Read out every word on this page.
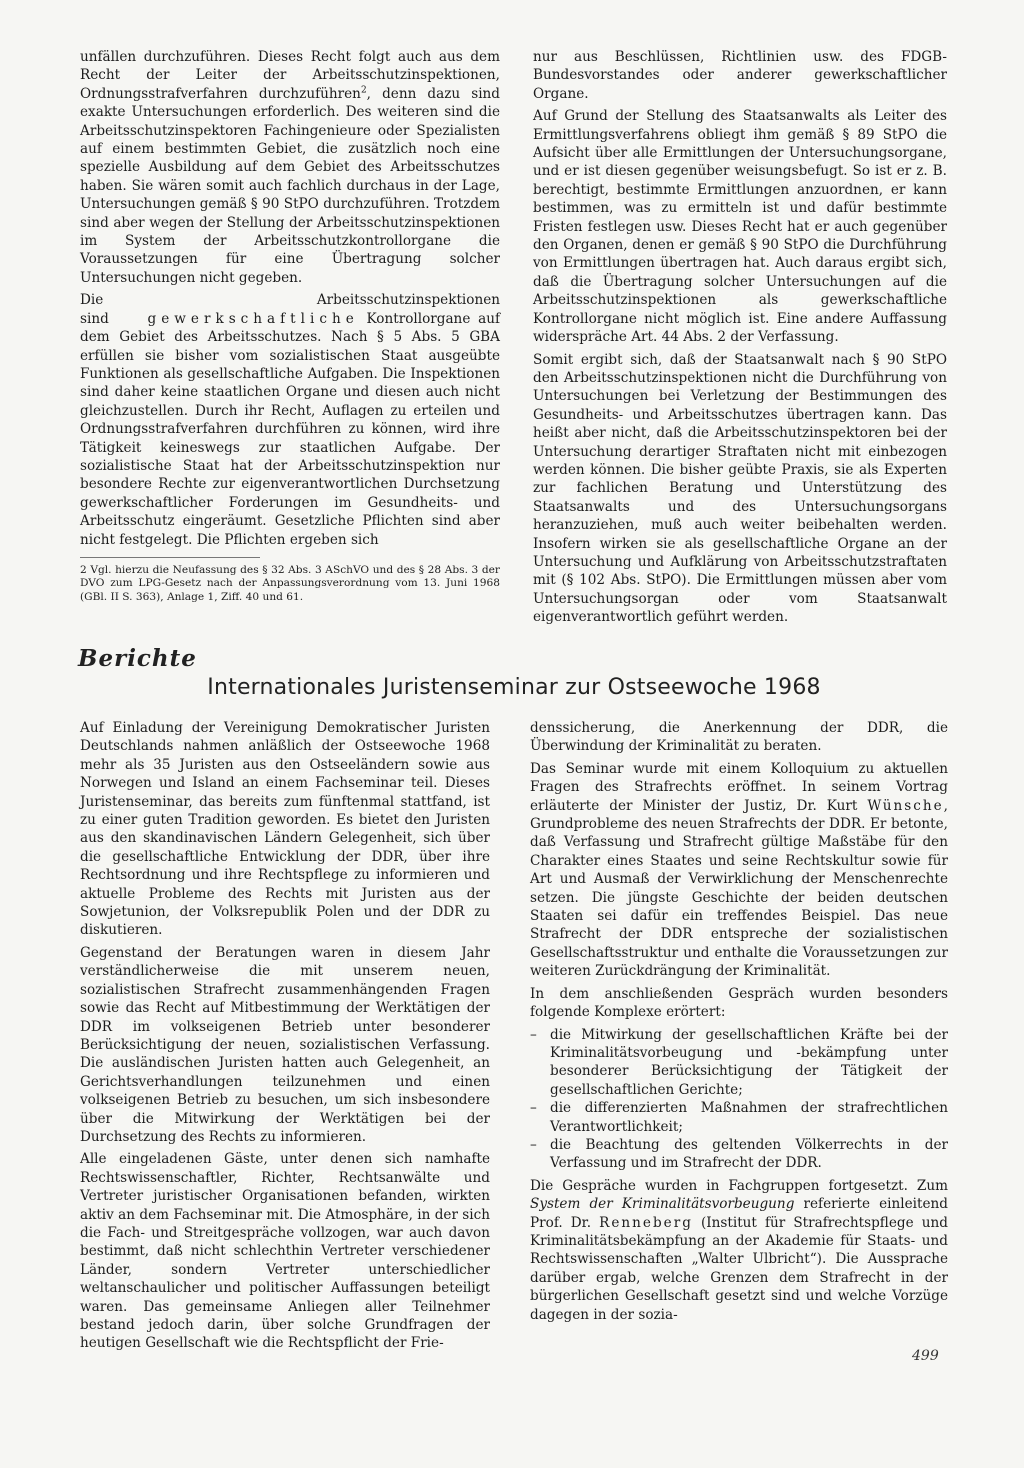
unfällen durchzuführen. Dieses Recht folgt auch aus dem Recht der Leiter der Arbeitsschutzinspektionen, Ordnungsstrafverfahren durchzuführen$^2$, denn dazu sind exakte Untersuchungen erforderlich. Des weiteren sind die Arbeitsschutzinspektoren Fachingenieure oder Spezialisten auf einem bestimmten Gebiet, die zusätzlich noch eine spezielle Ausbildung auf dem Gebiet des Arbeitsschutzes haben. Sie wären somit auch fachlich durchaus in der Lage, Untersuchungen gemäß § 90 StPO durchzuführen. Trotzdem sind aber wegen der Stellung der Arbeitsschutzinspektionen im System der Arbeitsschutzkontrollorgane die Voraussetzungen für eine Übertragung solcher Untersuchungen nicht gegeben.

Die Arbeitsschutzinspektionen sind	gewerkschaftliche Kontrollorgane auf dem Gebiet des Arbeitsschutzes. Nach § 5 Abs. 5 GBA erfüllen sie bisher vom sozialistischen Staat ausgeübte Funktionen als gesellschaftliche Aufgaben. Die Inspektionen sind daher keine staatlichen Organe und diesen auch nicht gleichzustellen. Durch ihr Recht, Auflagen zu erteilen und Ordnungsstrafverfahren durchführen zu können, wird ihre Tätigkeit keineswegs zur staatlichen Aufgabe. Der sozialistische Staat hat der Arbeitsschutzinspektion nur besondere Rechte zur eigenverantwortlichen Durchsetzung gewerkschaftlicher Forderungen im Gesundheits- und Arbeitsschutz eingeräumt. Gesetzliche Pflichten sind aber nicht festgelegt. Die Pflichten ergeben sich

2 Vgl. hierzu die Neufassung des § 32 Abs. 3 ASchVO und des § 28 Abs. 3 der DVO zum LPG-Gesetz nach der Anpassungsverordnung vom 13. Juni 1968 (GBl. II S. 363), Anlage 1, Ziff. 40 und 61.

nur aus Beschlüssen, Richtlinien usw. des FDGB-Bundesvorstandes oder anderer gewerkschaftlicher Organe.

Auf Grund der Stellung des Staatsanwalts als Leiter des Ermittlungsverfahrens obliegt ihm gemäß § 89 StPO die Aufsicht über alle Ermittlungen der Untersuchungsorgane, und er ist diesen gegenüber weisungsbefugt. So ist er z. B. berechtigt, bestimmte Ermittlungen anzuordnen, er kann bestimmen, was zu ermitteln ist und dafür bestimmte Fristen festlegen usw. Dieses Recht hat er auch gegenüber den Organen, denen er gemäß § 90 StPO die Durchführung von Ermittlungen übertragen hat. Auch daraus ergibt sich, daß die Übertragung solcher Untersuchungen auf die Arbeitsschutzinspektionen als gewerkschaftliche Kontrollorgane nicht möglich ist. Eine andere Auffassung widerspräche Art. 44 Abs. 2 der Verfassung.

Somit ergibt sich, daß der Staatsanwalt nach § 90 StPO den Arbeitsschutzinspektionen nicht die Durchführung von Untersuchungen bei Verletzung der Bestimmungen des Gesundheits- und Arbeitsschutzes übertragen kann. Das heißt aber nicht, daß die Arbeitsschutzinspektoren bei der Untersuchung derartiger Straftaten nicht mit einbezogen werden können. Die bisher geübte Praxis, sie als Experten zur fachlichen Beratung und Unterstützung des Staatsanwalts und des Untersuchungsorgans heranzuziehen, muß auch weiter beibehalten werden. Insofern wirken sie als gesellschaftliche Organe an der Untersuchung und Aufklärung von Arbeitsschutzstraftaten mit (§ 102 Abs. StPO). Die Ermittlungen müssen aber vom Untersuchungsorgan oder vom Staatsanwalt eigenverantwortlich geführt werden.

Berichte
Internationales Juristenseminar zur Ostseewoche 1968

Auf Einladung der Vereinigung Demokratischer Juristen Deutschlands nahmen anläßlich der Ostseewoche 1968 mehr als 35 Juristen aus den Ostseeländern sowie aus Norwegen und Island an einem Fachseminar teil. Dieses Juristenseminar, das bereits zum fünftenmal stattfand, ist zu einer guten Tradition geworden. Es bietet den Juristen aus den skandinavischen Ländern Gelegenheit, sich über die gesellschaftliche Entwicklung der DDR, über ihre Rechtsordnung und ihre Rechtspflege zu informieren und aktuelle Probleme des Rechts mit Juristen aus der Sowjetunion, der Volksrepublik Polen und der DDR zu diskutieren.

Gegenstand der Beratungen waren in diesem Jahr verständlicherweise die mit unserem neuen, sozialistischen Strafrecht zusammenhängenden Fragen sowie das Recht auf Mitbestimmung der Werktätigen der DDR im volkseigenen Betrieb unter besonderer Berücksichtigung der neuen, sozialistischen Verfassung. Die ausländischen Juristen hatten auch Gelegenheit, an Gerichtsverhandlungen teilzunehmen und einen volkseigenen Betrieb zu besuchen, um sich insbesondere über die Mitwirkung der Werktätigen bei der Durchsetzung des Rechts zu informieren.

Alle eingeladenen Gäste, unter denen sich namhafte Rechtswissenschaftler, Richter, Rechtsanwälte und Vertreter juristischer Organisationen befanden, wirkten aktiv an dem Fachseminar mit. Die Atmosphäre, in der sich die Fach- und Streitgespräche vollzogen, war auch davon bestimmt, daß nicht schlechthin Vertreter verschiedener Länder, sondern Vertreter unterschiedlicher weltanschaulicher und politischer Auffassungen beteiligt waren. Das gemeinsame Anliegen aller Teilnehmer bestand jedoch darin, über solche Grundfragen der heutigen Gesellschaft wie die Rechtspflicht der Frie-

denssicherung, die Anerkennung der DDR, die Überwindung der Kriminalität zu beraten.

Das Seminar wurde mit einem Kolloquium zu aktuellen Fragen des Strafrechts eröffnet. In seinem Vortrag erläuterte der Minister der Justiz, Dr. Kurt Wünsche, Grundprobleme des neuen Strafrechts der DDR. Er betonte, daß Verfassung und Strafrecht gültige Maßstäbe für den Charakter eines Staates und seine Rechtskultur sowie für Art und Ausmaß der Verwirklichung der Menschenrechte setzen. Die jüngste Geschichte der beiden deutschen Staaten sei dafür ein treffendes Beispiel. Das neue Strafrecht der DDR entspreche der sozialistischen Gesellschaftsstruktur und enthalte die Voraussetzungen zur weiteren Zurückdrängung der Kriminalität.

In dem anschließenden Gespräch wurden besonders folgende Komplexe erörtert:

– die Mitwirkung der gesellschaftlichen Kräfte bei der Kriminalitätsvorbeugung und -bekämpfung unter besonderer Berücksichtigung der Tätigkeit der gesellschaftlichen Gerichte;
– die differenzierten Maßnahmen der strafrechtlichen Verantwortlichkeit;
– die Beachtung des geltenden Völkerrechts in der Verfassung und im Strafrecht der DDR.

Die Gespräche wurden in Fachgruppen fortgesetzt. Zum System der Kriminalitätsvorbeugung referierte einleitend Prof. Dr. Renneberg (Institut für Strafrechtspflege und Kriminalitätsbekämpfung an der Akademie für Staats- und Rechtswissenschaften „Walter Ulbricht“). Die Aussprache darüber ergab, welche Grenzen dem Strafrecht in der bürgerlichen Gesellschaft gesetzt sind und welche Vorzüge dagegen in der sozia-

499
